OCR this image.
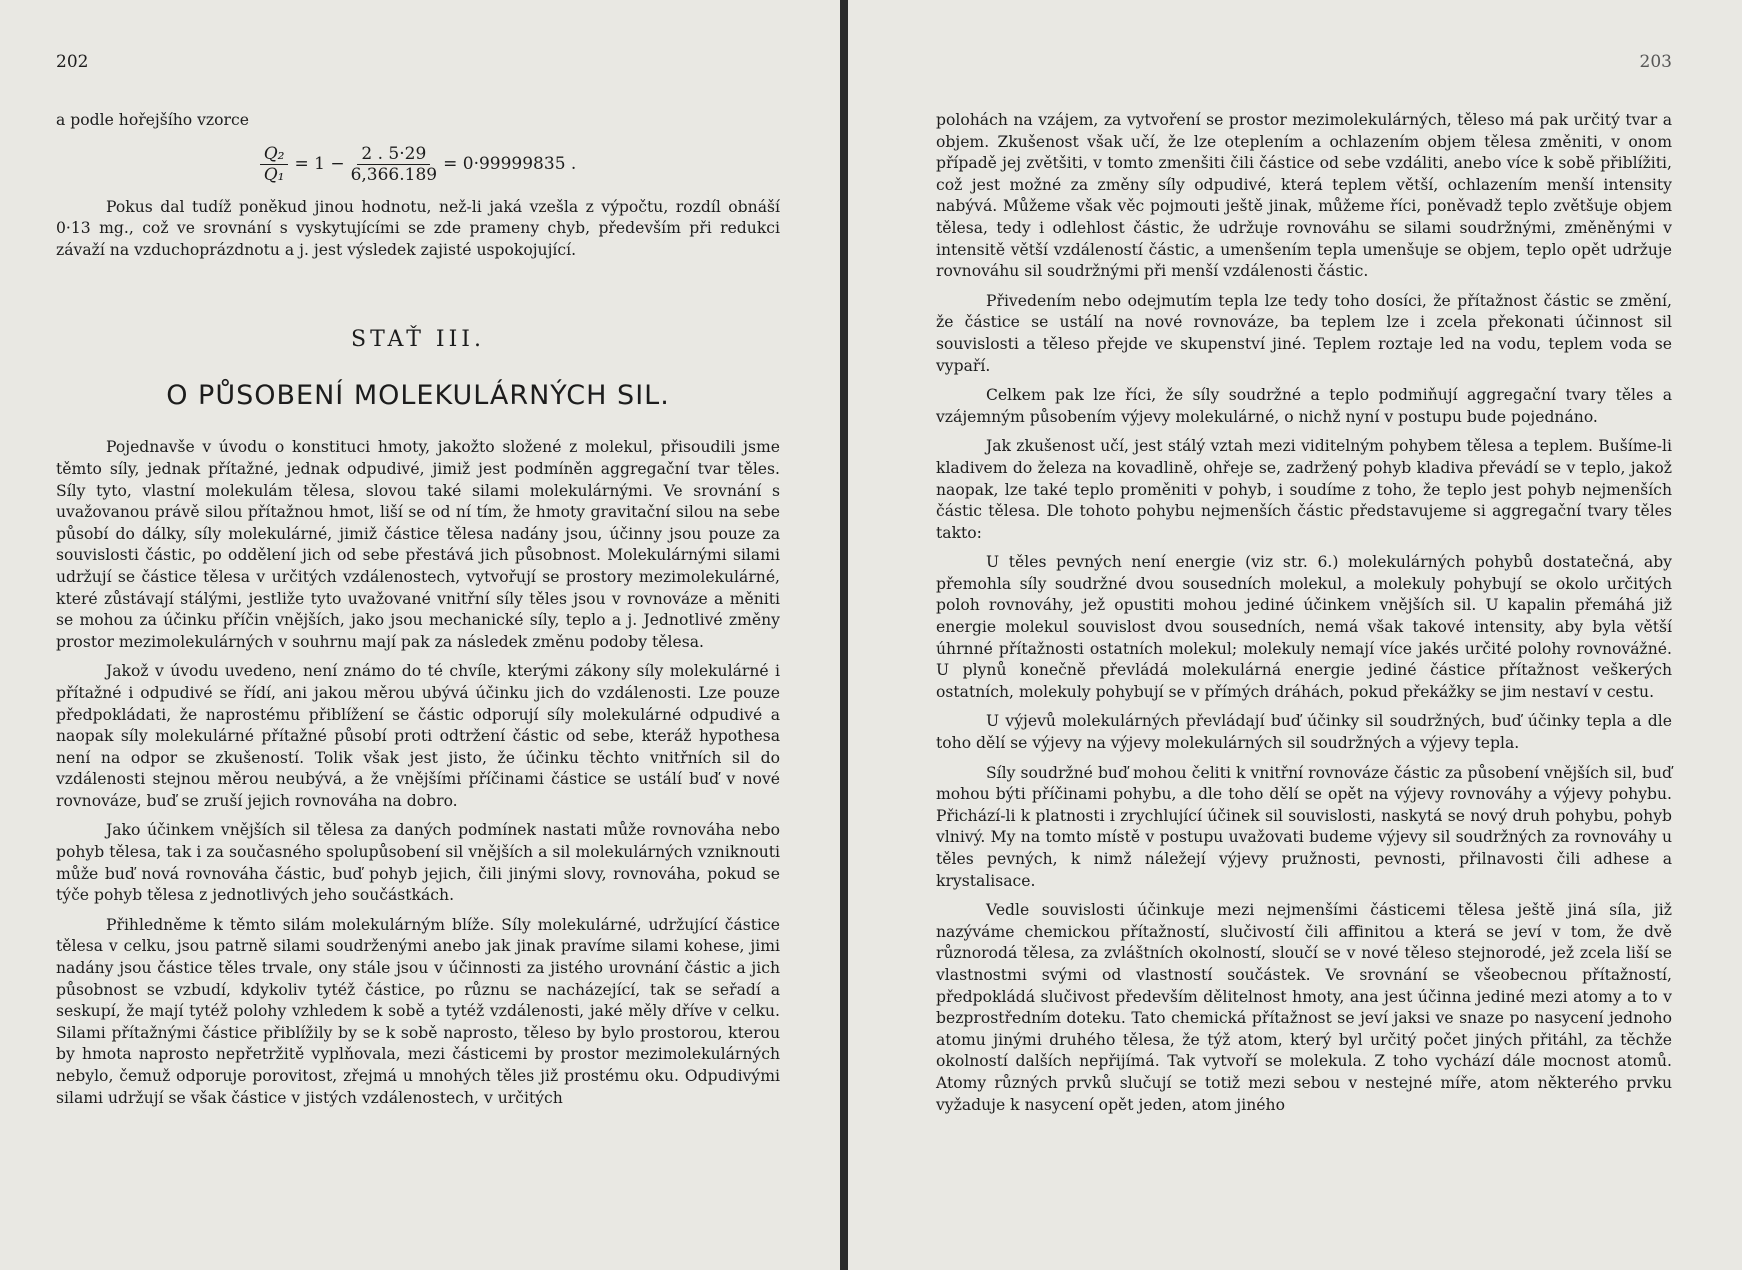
202

a podle hořejšího vzorce

$\frac{\text{Q₂}}{\text{Q₁}} = 1 - \frac{2 . 5\cdot 29}{6,366.189} = 0\cdot 99999835$ .

Pokus dal tudíž poněkud jinou hodnotu, než-li jaká vzešla z výpočtu, rozdíl obnáší 0·13 mg., což ve srovnání s vyskytujícími se zde prameny chyb, především při redukci závaží na vzduchoprázdnotu a j. jest výsledek zajisté uspokojující.

STAŤ III.
O PŮSOBENÍ MOLEKULÁRNÝCH SIL.

Pojednavše v úvodu o konstituci hmoty, jakožto složené z molekul, přisoudili jsme těmto síly, jednak přítažné, jednak odpudivé, jimiž jest podmíněn aggregační tvar těles. Síly tyto, vlastní molekulám tělesa, slovou také silami molekulárnými. Ve srovnání s uvažovanou právě silou přítažnou hmot, liší se od ní tím, že hmoty gravitační silou na sebe působí do dálky, síly molekulárné, jimiž částice tělesa nadány jsou, účinny jsou pouze za souvislosti částic, po oddělení jich od sebe přestává jich působnost. Molekulárnými silami udržují se částice tělesa v určitých vzdálenostech, vytvořují se prostory mezimolekulárné, které zůstávají stálými, jestliže tyto uvažované vnitřní síly těles jsou v rovnováze a měniti se mohou za účinku příčin vnějších, jako jsou mechanické síly, teplo a j. Jednotlivé změny prostor mezimolekulárných v souhrnu mají pak za následek změnu podoby tělesa.

Jakož v úvodu uvedeno, není známo do té chvíle, kterými zákony síly molekulárné i přítažné i odpudivé se řídí, ani jakou měrou ubývá účinku jich do vzdálenosti. Lze pouze předpokládati, že naprostému přiblížení se částic odporují síly molekulárné odpudivé a naopak síly molekulárné přítažné působí proti odtržení částic od sebe, kteráž hypothesa není na odpor se zkušeností. Tolik však jest jisto, že účinku těchto vnitřních sil do vzdálenosti stejnou měrou neubývá, a že vnějšími příčinami částice se ustálí buď v nové rovnováze, buď se zruší jejich rovnováha na dobro.

Jako účinkem vnějších sil tělesa za daných podmínek nastati může rovnováha nebo pohyb tělesa, tak i za současného spolupůsobení sil vnějších a sil molekulárných vzniknouti může buď nová rovnováha částic, buď pohyb jejich, čili jinými slovy, rovnováha, pokud se týče pohyb tělesa z jednotlivých jeho součástkách.

Přihledněme k těmto silám molekulárným blíže. Síly molekulárné, udržující částice tělesa v celku, jsou patrně silami soudrženými anebo jak jinak pravíme silami kohese, jimi nadány jsou částice těles trvale, ony stále jsou v účinnosti za jistého urovnání částic a jich působnost se vzbudí, kdykoliv tytéž částice, po různu se nacházející, tak se seřadí a seskupí, že mají tytéž polohy vzhledem k sobě a tytéž vzdálenosti, jaké měly dříve v celku. Silami přítažnými částice přiblížily by se k sobě naprosto, těleso by bylo prostorou, kterou by hmota naprosto nepřetržitě vyplňovala, mezi částicemi by prostor mezimolekulárných nebylo, čemuž odporuje porovitost, zřejmá u mnohých těles již prostému oku. Odpudivými silami udržují se však částice v jistých vzdálenostech, v určitých

203

polohách na vzájem, za vytvoření se prostor mezimolekulárných, těleso má pak určitý tvar a objem. Zkušenost však učí, že lze oteplením a ochlazením objem tělesa změniti, v onom případě jej zvětšiti, v tomto zmenšiti čili částice od sebe vzdáliti, anebo více k sobě přiblížiti, což jest možné za změny síly odpudivé, která teplem větší, ochlazením menší intensity nabývá. Můžeme však věc pojmouti ještě jinak, můžeme říci, poněvadž teplo zvětšuje objem tělesa, tedy i odlehlost částic, že udržuje rovnováhu se silami soudržnými, změněnými v intensitě větší vzdáleností částic, a umenšením tepla umenšuje se objem, teplo opět udržuje rovnováhu sil soudržnými při menší vzdálenosti částic.

Přivedením nebo odejmutím tepla lze tedy toho dosíci, že přítažnost částic se změní, že částice se ustálí na nové rovnováze, ba teplem lze i zcela překonati účinnost sil souvislosti a těleso přejde ve skupenství jiné. Teplem roztaje led na vodu, teplem voda se vypaří.

Celkem pak lze říci, že síly soudržné a teplo podmiňují aggregační tvary těles a vzájemným působením výjevy molekulárné, o nichž nyní v postupu bude pojednáno.

Jak zkušenost učí, jest stálý vztah mezi viditelným pohybem tělesa a teplem. Bušíme-li kladivem do železa na kovadlině, ohřeje se, zadržený pohyb kladiva převádí se v teplo, jakož naopak, lze také teplo proměniti v pohyb, i soudíme z toho, že teplo jest pohyb nejmenších částic tělesa. Dle tohoto pohybu nejmenších částic představujeme si aggregační tvary těles takto:

U těles pevných není energie (viz str. 6.) molekulárných pohybů dostatečná, aby přemohla síly soudržné dvou sousedních molekul, a molekuly pohybují se okolo určitých poloh rovnováhy, jež opustiti mohou jediné účinkem vnějších sil. U kapalin přemáhá již energie molekul souvislost dvou sousedních, nemá však takové intensity, aby byla větší úhrnné přítažnosti ostatních molekul; molekuly nemají více jakés určité polohy rovnovážné. U plynů konečně převládá molekulárná energie jediné částice přítažnost veškerých ostatních, molekuly pohybují se v přímých dráhách, pokud překážky se jim nestaví v cestu.

U výjevů molekulárných převládají buď účinky sil soudržných, buď účinky tepla a dle toho dělí se výjevy na výjevy molekulárných sil soudržných a výjevy tepla.

Síly soudržné buď mohou čeliti k vnitřní rovnováze částic za působení vnějších sil, buď mohou býti příčinami pohybu, a dle toho dělí se opět na výjevy rovnováhy a výjevy pohybu. Přichází-li k platnosti i zrychlující účinek sil souvislosti, naskytá se nový druh pohybu, pohyb vlnivý. My na tomto místě v postupu uvažovati budeme výjevy sil soudržných za rovnováhy u těles pevných, k nimž náležejí výjevy pružnosti, pevnosti, přilnavosti čili adhese a krystalisace.

Vedle souvislosti účinkuje mezi nejmenšími částicemi tělesa ještě jiná síla, již nazýváme chemickou přítažností, slučivostí čili affinitou a která se jeví v tom, že dvě různorodá tělesa, za zvláštních okolností, sloučí se v nové těleso stejnorodé, jež zcela liší se vlastnostmi svými od vlastností součástek. Ve srovnání se všeobecnou přítažností, předpokládá slučivost především dělitelnost hmoty, ana jest účinna jediné mezi atomy a to v bezprostředním doteku. Tato chemická přítažnost se jeví jaksi ve snaze po nasycení jednoho atomu jinými druhého tělesa, že týž atom, který byl určitý počet jiných přitáhl, za těchže okolností dalších nepřijímá. Tak vytvoří se molekula. Z toho vychází dále mocnost atomů. Atomy různých prvků slučují se totiž mezi sebou v nestejné míře, atom některého prvku vyžaduje k nasycení opět jeden, atom jiného
